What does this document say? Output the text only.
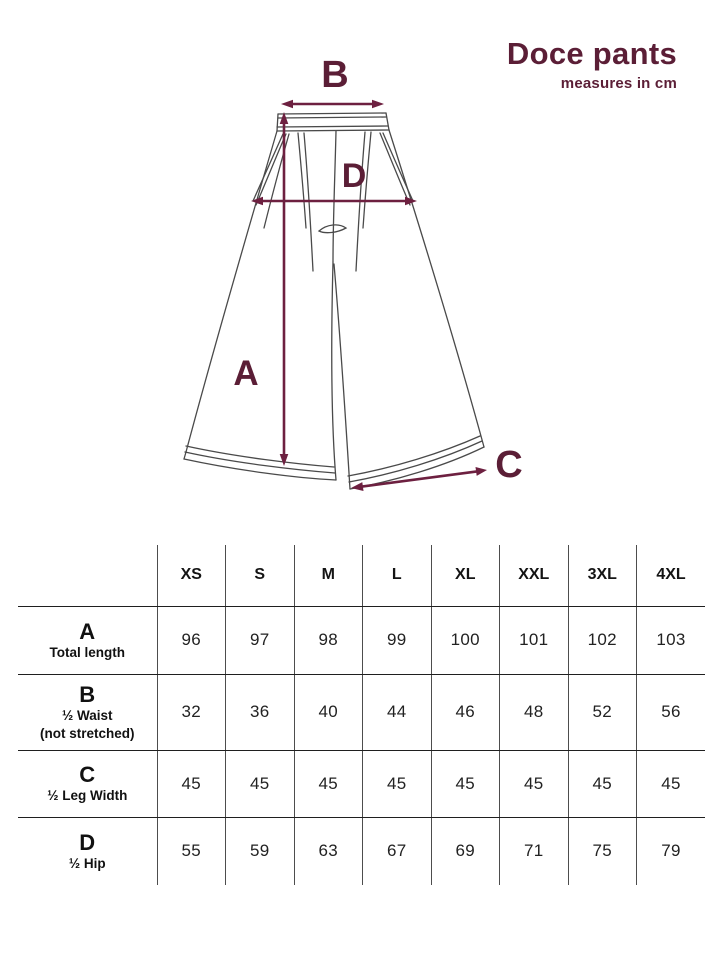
Doce pants
measures in cm
B
D
A
C
	XS	S	M	L	XL	XXL	3XL	4XL

A
Total length	96	97	98	99	100	101	102	103

B
½ Waist
(not stretched)	32	36	40	44	46	48	52	56

C
½ Leg Width	45	45	45	45	45	45	45	45

D
½ Hip	55	59	63	67	69	71	75	79
